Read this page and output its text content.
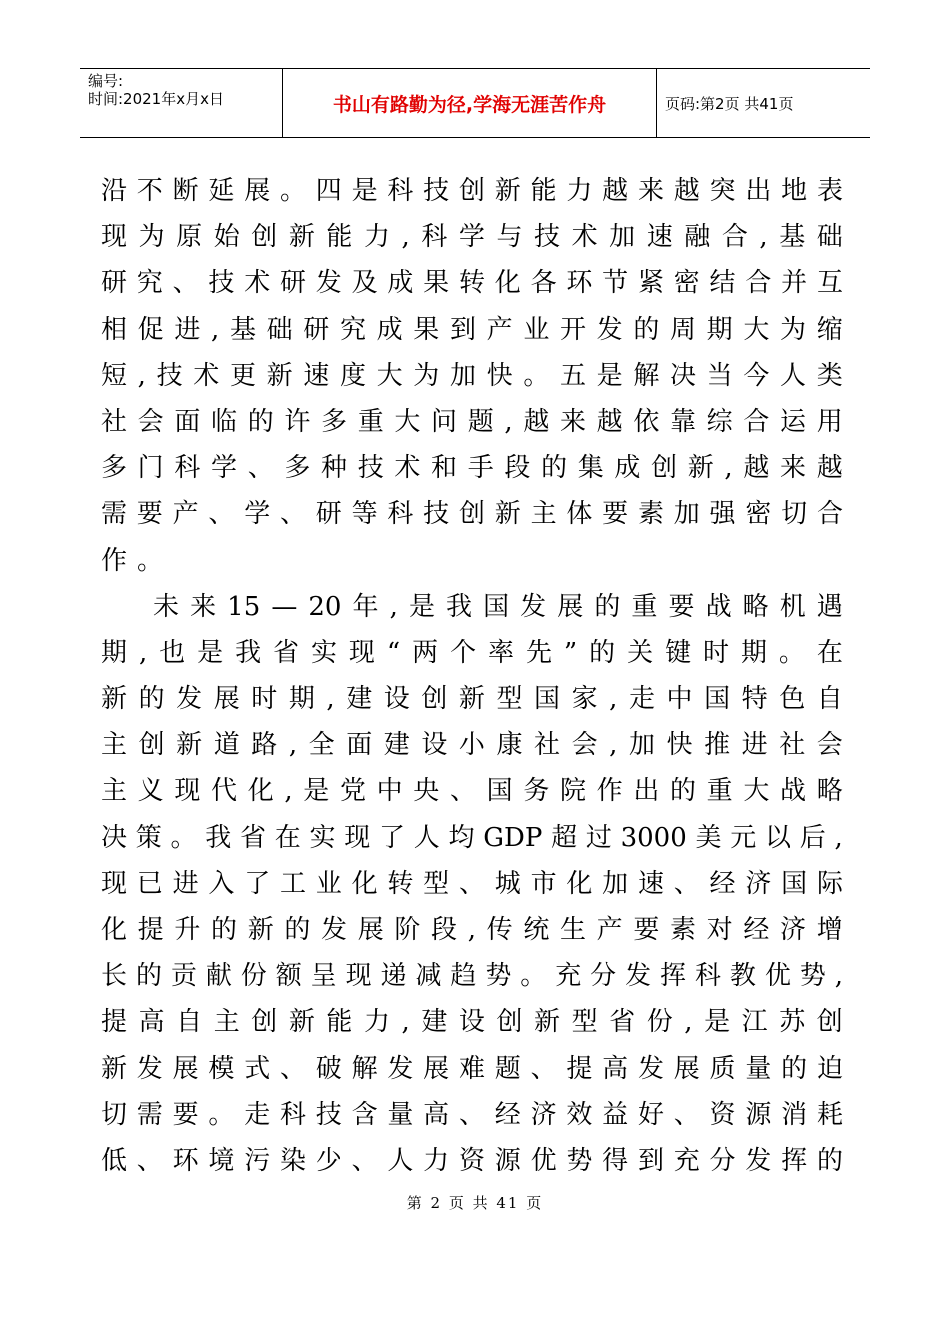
编号:
时间:2021年x月x日	书山有路勤为径,学海无涯苦作舟	页码:第2页 共41页
沿 不 断 延 展 。 四 是 科 技 创 新 能 力 越 来 越 突 出 地 表
现 为 原 始 创 新 能 力 , 科 学 与 技 术 加 速 融 合 , 基 础
研 究 、 技 术 研 发 及 成 果 转 化 各 环 节 紧 密 结 合 并 互
相 促 进 , 基 础 研 究 成 果 到 产 业 开 发 的 周 期 大 为 缩
短 , 技 术 更 新 速 度 大 为 加 快 。 五 是 解 决 当 今 人 类
社 会 面 临 的 许 多 重 大 问 题 , 越 来 越 依 靠 综 合 运 用
多 门 科 学 、 多 种 技 术 和 手 段 的 集 成 创 新 , 越 来 越
需 要 产 、 学 、 研 等 科 技 创 新 主 体 要 素 加 强 密 切 合
作。
未 来 15 — 20 年 , 是 我 国 发 展 的 重 要 战 略 机 遇
期 , 也 是 我 省 实 现 “ 两 个 率 先 ” 的 关 键 时 期 。 在
新 的 发 展 时 期 , 建 设 创 新 型 国 家 , 走 中 国 特 色 自
主 创 新 道 路 , 全 面 建 设 小 康 社 会 , 加 快 推 进 社 会
主 义 现 代 化 , 是 党 中 央 、 国 务 院 作 出 的 重 大 战 略
决 策 。 我 省 在 实 现 了 人 均 GDP 超 过 3000 美 元 以 后 ,
现 已 进 入 了 工 业 化 转 型 、 城 市 化 加 速 、 经 济 国 际
化 提 升 的 新 的 发 展 阶 段 , 传 统 生 产 要 素 对 经 济 增
长 的 贡 献 份 额 呈 现 递 减 趋 势 。 充 分 发 挥 科 教 优 势 ,
提 高 自 主 创 新 能 力 , 建 设 创 新 型 省 份 , 是 江 苏 创
新 发 展 模 式 、 破 解 发 展 难 题 、 提 高 发 展 质 量 的 迫
切 需 要 。 走 科 技 含 量 高 、 经 济 效 益 好 、 资 源 消 耗
低 、 环 境 污 染 少 、 人 力 资 源 优 势 得 到 充 分 发 挥 的
第 2 页 共 41 页
